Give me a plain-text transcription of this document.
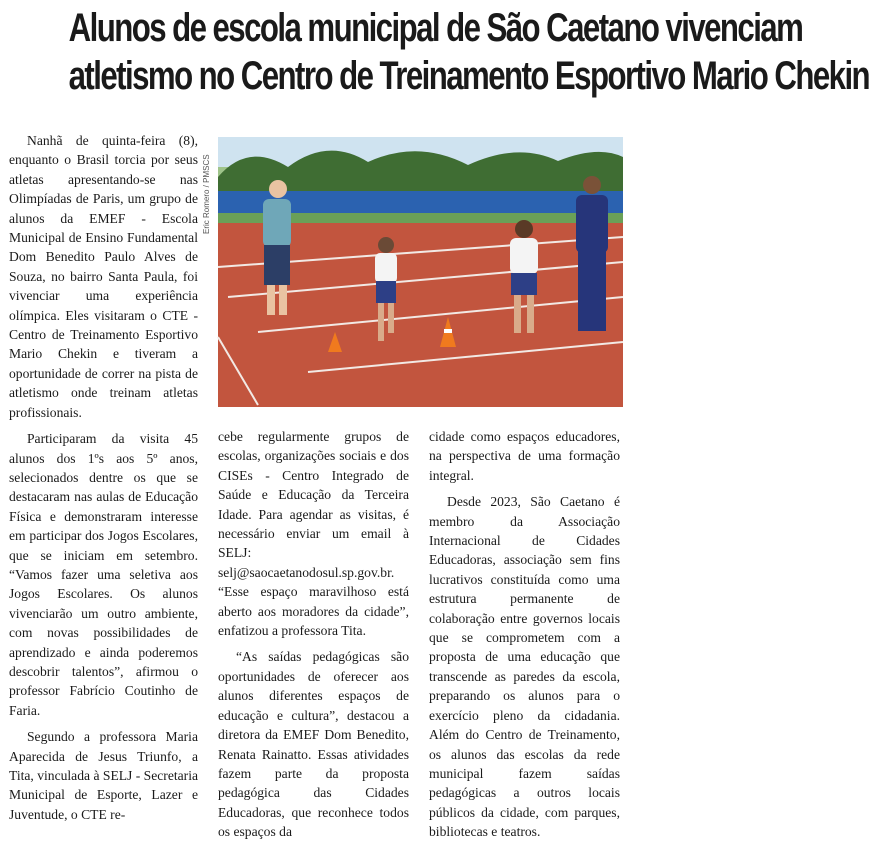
Alunos de escola municipal de São Caetano vivenciam
atletismo no Centro de Treinamento Esportivo Mario Chekin
Eric Romero / PMSCS

Nanhã de quinta-feira (8), enquanto o Brasil torcia por seus atletas apresentando-se nas Olimpíadas de Paris, um grupo de alunos da EMEF - Escola Municipal de Ensino Fundamental Dom Benedito Paulo Alves de Souza, no bairro Santa Paula, foi vivenciar uma experiência olímpica. Eles visitaram o CTE - Centro de Treinamento Esportivo Mario Chekin e tiveram a oportunidade de correr na pista de atletismo onde treinam atletas profissionais.

Participaram da visita 45 alunos dos 1ºs aos 5º anos, selecionados dentre os que se destacaram nas aulas de Educação Física e demonstraram interesse em participar dos Jogos Escolares, que se iniciam em setembro. “Vamos fazer uma seletiva aos Jogos Escolares. Os alunos vivenciarão um outro ambiente, com novas possibilidades de aprendizado e ainda poderemos descobrir talentos”, afirmou o professor Fabrício Coutinho de Faria.

Segundo a professora Maria Aparecida de Jesus Triunfo, a Tita, vinculada à SELJ - Secretaria Municipal de Esporte, Lazer e Juventude, o CTE re-

cebe regularmente grupos de escolas, organizações sociais e dos CISEs - Centro Integrado de Saúde e Educação da Terceira Idade. Para agendar as visitas, é necessário enviar um email à SELJ: selj@saocaetanodosul.sp.gov.br. “Esse espaço maravilhoso está aberto aos moradores da cidade”, enfatizou a professora Tita.

“As saídas pedagógicas são oportunidades de oferecer aos alunos diferentes espaços de educação e cultura”, destacou a diretora da EMEF Dom Benedito, Renata Rainatto. Essas atividades fazem parte da proposta pedagógica das Cidades Educadoras, que reconhece todos os espaços da

cidade como espaços educadores, na perspectiva de uma formação integral.

Desde 2023, São Caetano é membro da Associação Internacional de Cidades Educadoras, associação sem fins lucrativos constituída como uma estrutura permanente de colaboração entre governos locais que se comprometem com a proposta de uma educação que transcende as paredes da escola, preparando os alunos para o exercício pleno da cidadania. Além do Centro de Treinamento, os alunos das escolas da rede municipal fazem saídas pedagógicas a outros locais públicos da cidade, com parques, bibliotecas e teatros.
